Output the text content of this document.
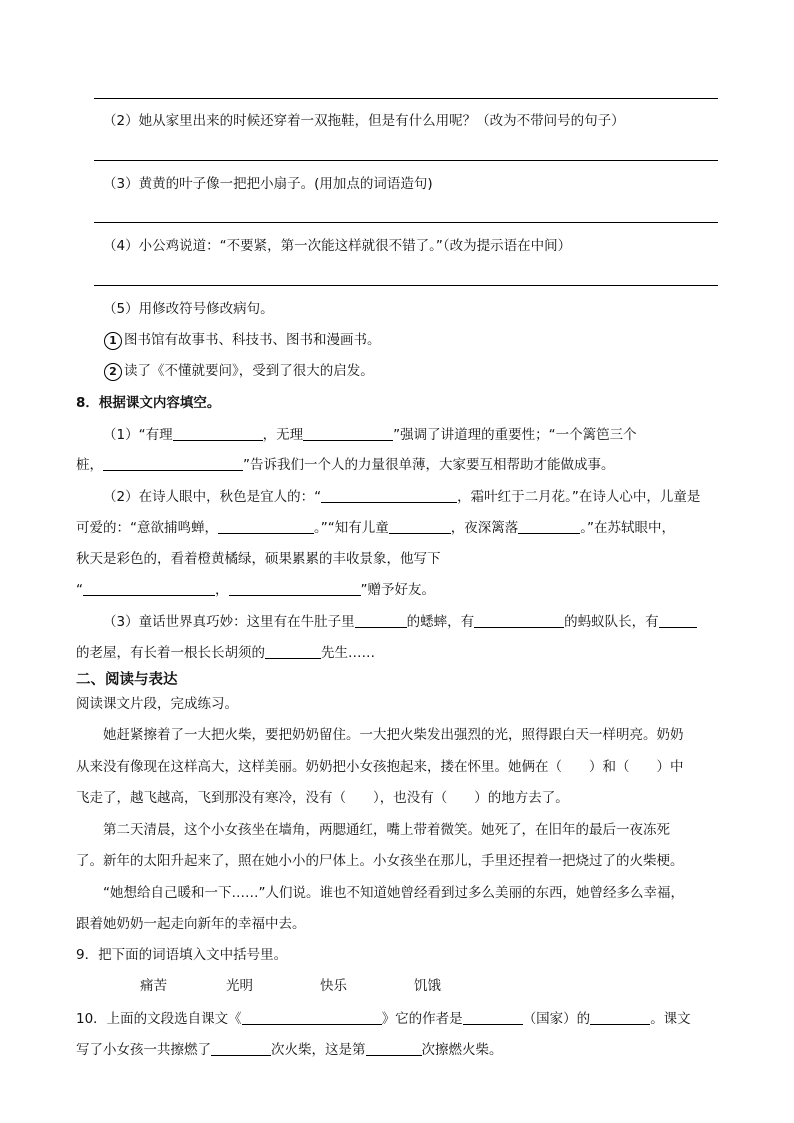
（2）她从家里出来的时候还穿着一双拖鞋，但是有什么用呢？（改为不带问号的句子）
（3）黄黄的叶子像一把把小扇子。(用加点的词语造句)
（4）小公鸡说道：“不要紧，第一次能这样就很不错了。”（改为提示语在中间）
（5）用修改符号修改病句。
1 图书馆有故事书、科技书、图书和漫画书。
2 读了《不懂就要问》，受到了很大的启发。
8．根据课文内容填空。
（1）“有理	，无理	”强调了讲道理的重要性；“一个篱笆三个
桩，	”告诉我们一个人的力量很单薄，大家要互相帮助才能做成事。
（2）在诗人眼中，秋色是宜人的：“	，霜叶红于二月花。”在诗人心中，儿童是
可爱的：“意欲捕鸣蝉，	。”“知有儿童	，夜深篱落	。”在苏轼眼中，
秋天是彩色的，看着橙黄橘绿，硕果累累的丰收景象，他写下
“	，	”赠予好友。
（3）童话世界真巧妙：这里有在牛肚子里	的蟋蟀，有	的蚂蚁队长，有
的老屋，有长着一根长长胡须的	先生……
二、阅读与表达
阅读课文片段，完成练习。
她赶紧擦着了一大把火柴，要把奶奶留住。一大把火柴发出强烈的光，照得跟白天一样明亮。奶奶
从来没有像现在这样高大，这样美丽。奶奶把小女孩抱起来，搂在怀里。她俩在（　　）和（　　）中
飞走了，越飞越高，飞到那没有寒冷，没有（　　），也没有（　　）的地方去了。
第二天清晨，这个小女孩坐在墙角，两腮通红，嘴上带着微笑。她死了，在旧年的最后一夜冻死
了。新年的太阳升起来了，照在她小小的尸体上。小女孩坐在那儿，手里还捏着一把烧过了的火柴梗。
“她想给自己暖和一下……”人们说。谁也不知道她曾经看到过多么美丽的东西，她曾经多么幸福，
跟着她奶奶一起走向新年的幸福中去。
9．把下面的词语填入文中括号里。
痛苦	光明	快乐	饥饿
10．上面的文段选自课文《	》它的作者是	（国家）的	。课文
写了小女孩一共擦燃了	次火柴，这是第	次擦燃火柴。
